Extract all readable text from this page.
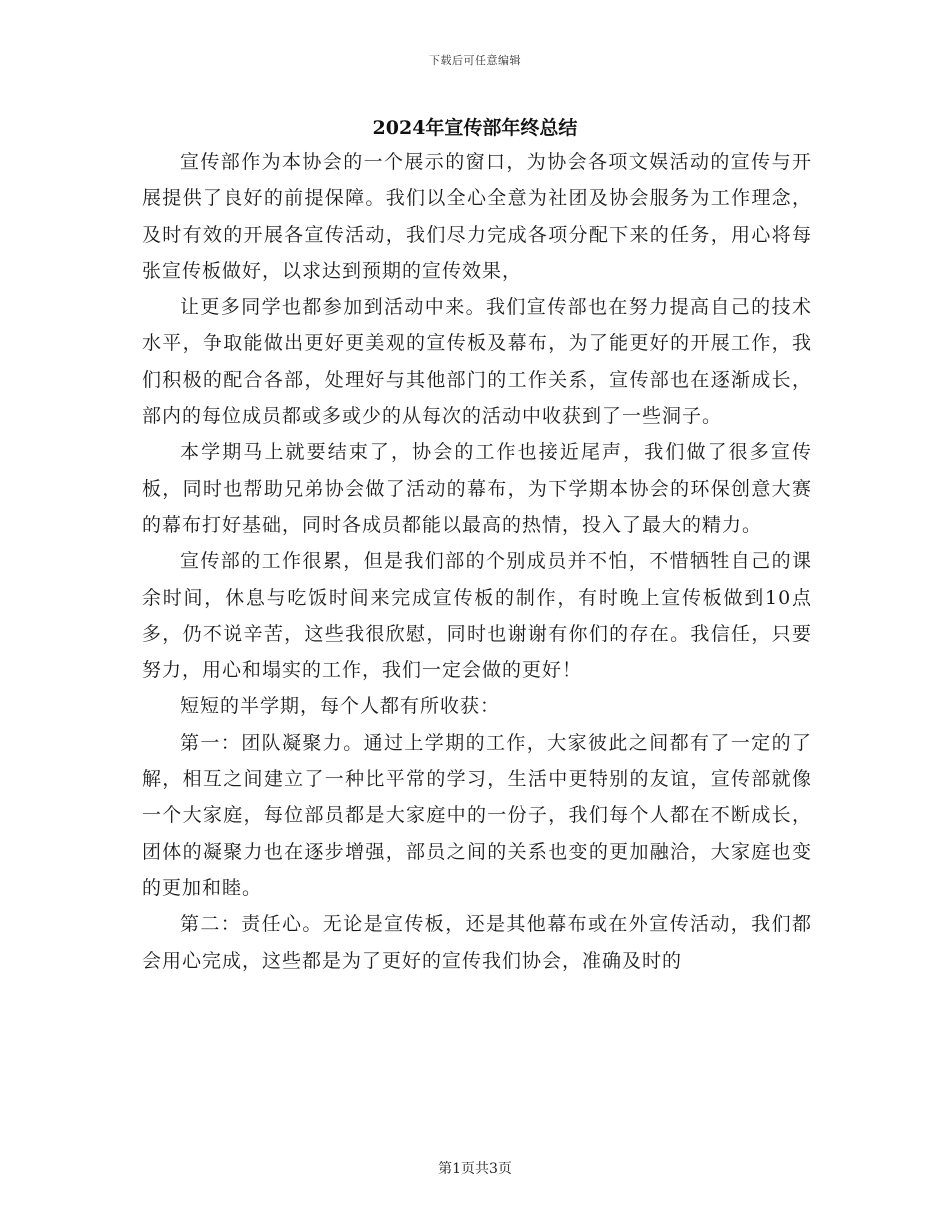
下载后可任意编辑
2024年宣传部年终总结

宣传部作为本协会的一个展示的窗口，为协会各项文娱活动的宣传与开展提供了良好的前提保障。我们以全心全意为社团及协会服务为工作理念，及时有效的开展各宣传活动，我们尽力完成各项分配下来的任务，用心将每张宣传板做好，以求达到预期的宣传效果，

让更多同学也都参加到活动中来。我们宣传部也在努力提高自己的技术水平，争取能做出更好更美观的宣传板及幕布，为了能更好的开展工作，我们积极的配合各部，处理好与其他部门的工作关系，宣传部也在逐渐成长，部内的每位成员都或多或少的从每次的活动中收获到了一些洞子。

本学期马上就要结束了，协会的工作也接近尾声，我们做了很多宣传板，同时也帮助兄弟协会做了活动的幕布，为下学期本协会的环保创意大赛的幕布打好基础，同时各成员都能以最高的热情，投入了最大的精力。

宣传部的工作很累，但是我们部的个别成员并不怕，不惜牺牲自己的课余时间，休息与吃饭时间来完成宣传板的制作，有时晚上宣传板做到10点多，仍不说辛苦，这些我很欣慰，同时也谢谢有你们的存在。我信任，只要努力，用心和塌实的工作，我们一定会做的更好！

短短的半学期，每个人都有所收获：

第一：团队凝聚力。通过上学期的工作，大家彼此之间都有了一定的了解，相互之间建立了一种比平常的学习，生活中更特别的友谊，宣传部就像一个大家庭，每位部员都是大家庭中的一份子，我们每个人都在不断成长，团体的凝聚力也在逐步增强，部员之间的关系也变的更加融洽，大家庭也变的更加和睦。

第二：责任心。无论是宣传板，还是其他幕布或在外宣传活动，我们都会用心完成，这些都是为了更好的宣传我们协会，准确及时的

第1页共3页
